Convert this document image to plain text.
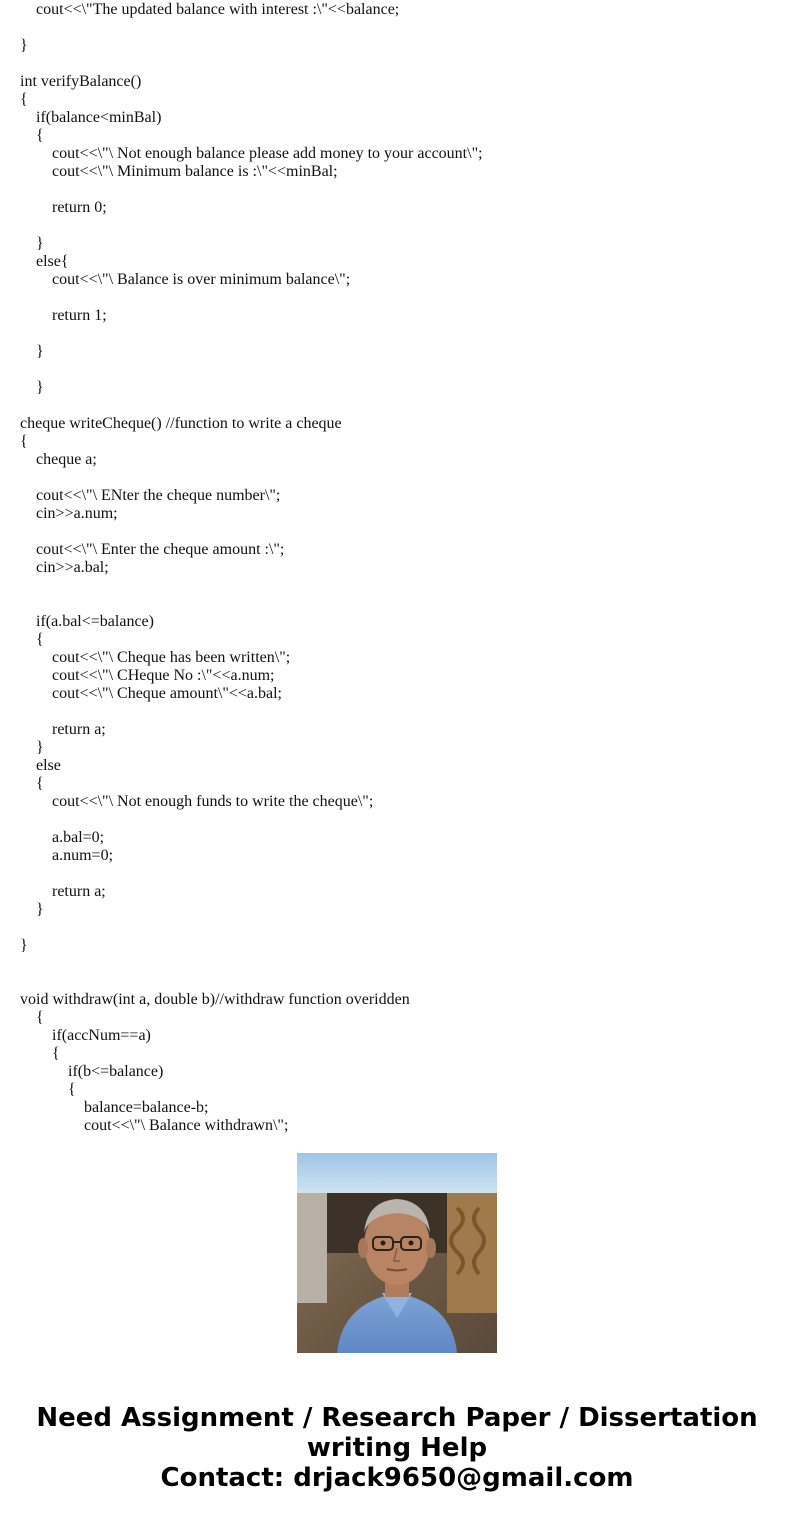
cout<<\"The updated balance with interest :\"<<balance;
}
int verifyBalance()
{
if(balance<minBal)
{
cout<<\"\ Not enough balance please add money to your account\";
cout<<\"\ Minimum balance is :\"<<minBal;
return 0;
}
else{
cout<<\"\ Balance is over minimum balance\";
return 1;
}
}
cheque writeCheque() //function to write a cheque
{
cheque a;
cout<<\"\ ENter the cheque number\";
cin>>a.num;
cout<<\"\ Enter the cheque amount :\";
cin>>a.bal;
if(a.bal<=balance)
{
cout<<\"\ Cheque has been written\";
cout<<\"\ CHeque No :\"<<a.num;
cout<<\"\ Cheque amount\"<<a.bal;
return a;
}
else
{
cout<<\"\ Not enough funds to write the cheque\";
a.bal=0;
a.num=0;
return a;
}
}
void withdraw(int a, double b)//withdraw function overidden
{
if(accNum==a)
{
if(b<=balance)
{
balance=balance-b;
cout<<\"\ Balance withdrawn\";
Need Assignment / Research Paper / Dissertation
writing Help
Contact: drjack9650@gmail.com
